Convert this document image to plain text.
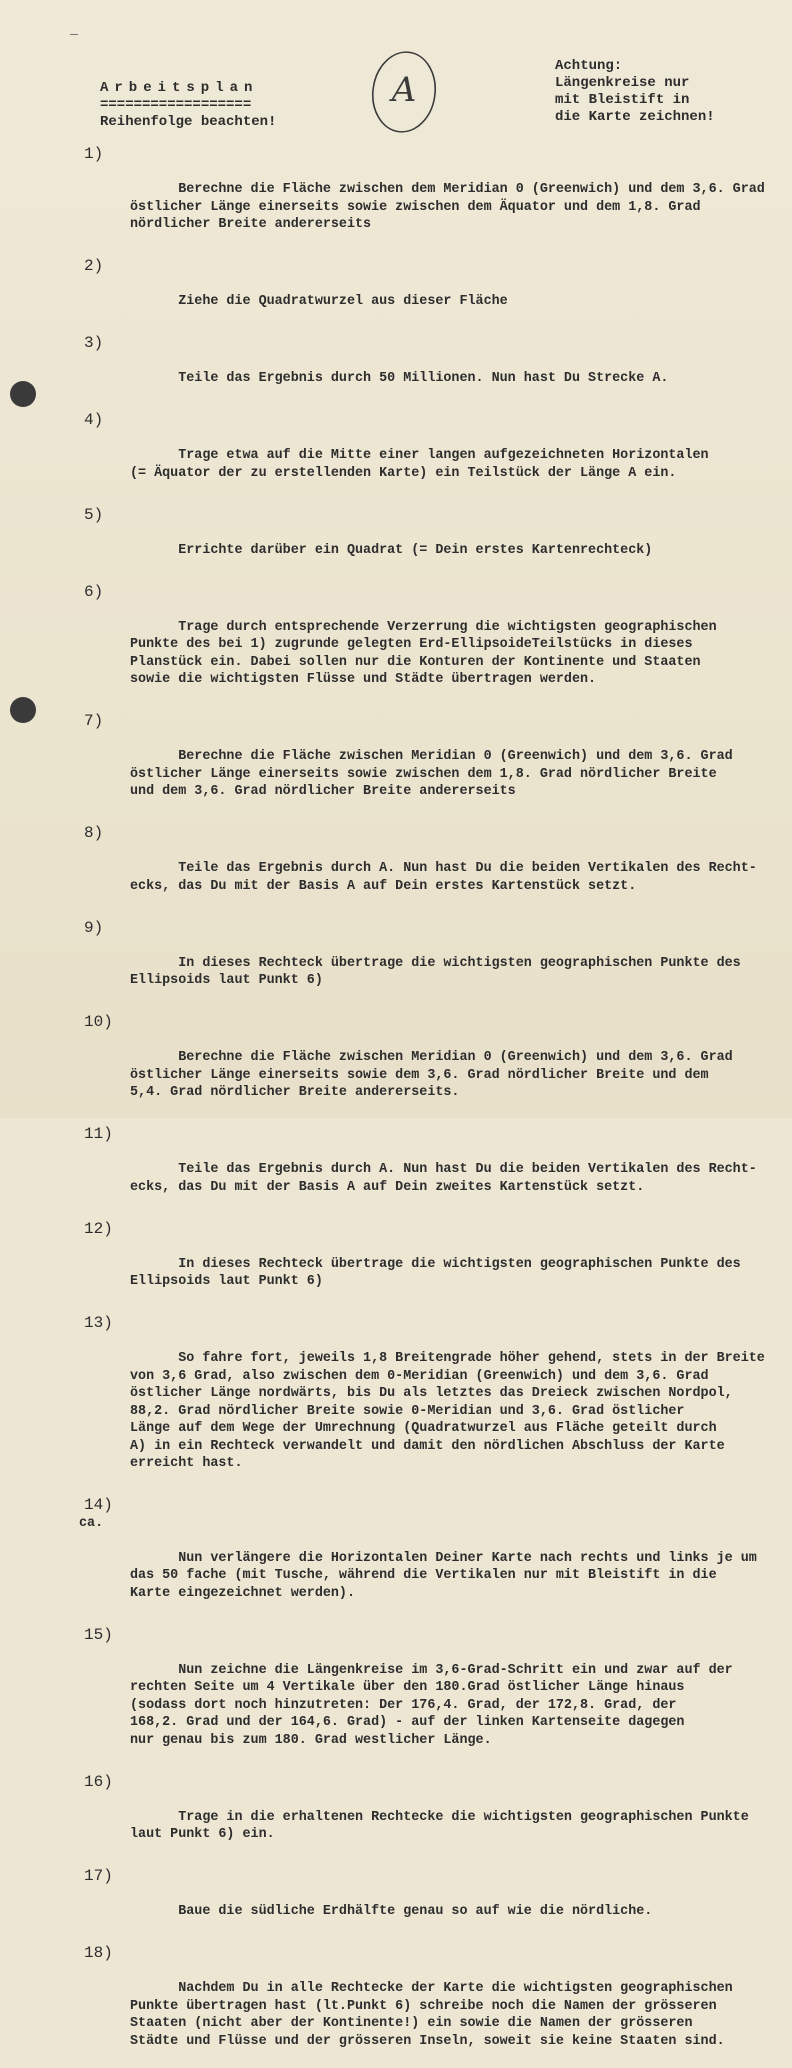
Arbeitsplan
==================
Reihenfolge beachten!
A
Achtung:
Längenkreise nur
mit Bleistift in
die Karte zeichnen!

1)

Berechne die Fläche zwischen dem Meridian 0 (Greenwich) und dem 3,6. Grad
östlicher Länge einerseits sowie zwischen dem Äquator und dem 1,8. Grad
nördlicher Breite andererseits

2)

Ziehe die Quadratwurzel aus dieser Fläche

3)

Teile das Ergebnis durch 50 Millionen. Nun hast Du Strecke A.

4)

Trage etwa auf die Mitte einer langen aufgezeichneten Horizontalen
(= Äquator der zu erstellenden Karte) ein Teilstück der Länge A ein.

5)

Errichte darüber ein Quadrat (= Dein erstes Kartenrechteck)

6)

Trage durch entsprechende Verzerrung die wichtigsten geographischen
Punkte des bei 1) zugrunde gelegten Erd-EllipsoideTeilstücks in dieses
Planstück ein. Dabei sollen nur die Konturen der Kontinente und Staaten
sowie die wichtigsten Flüsse und Städte übertragen werden.

7)

Berechne die Fläche zwischen Meridian 0 (Greenwich) und dem 3,6. Grad
östlicher Länge einerseits sowie zwischen dem 1,8. Grad nördlicher Breite
und dem 3,6. Grad nördlicher Breite andererseits

8)

Teile das Ergebnis durch A. Nun hast Du die beiden Vertikalen des Recht-
ecks, das Du mit der Basis A auf Dein erstes Kartenstück setzt.

9)

In dieses Rechteck übertrage die wichtigsten geographischen Punkte des
Ellipsoids laut Punkt 6)

10)

Berechne die Fläche zwischen Meridian 0 (Greenwich) und dem 3,6. Grad
östlicher Länge einerseits sowie dem 3,6. Grad nördlicher Breite und dem
5,4. Grad nördlicher Breite andererseits.

11)

Teile das Ergebnis durch A. Nun hast Du die beiden Vertikalen des Recht-
ecks, das Du mit der Basis A auf Dein zweites Kartenstück setzt.

12)

In dieses Rechteck übertrage die wichtigsten geographischen Punkte des
Ellipsoids laut Punkt 6)

13)

So fahre fort, jeweils 1,8 Breitengrade höher gehend, stets in der Breite
von 3,6 Grad, also zwischen dem 0-Meridian (Greenwich) und dem 3,6. Grad
östlicher Länge nordwärts, bis Du als letztes das Dreieck zwischen Nordpol,
88,2. Grad nördlicher Breite sowie 0-Meridian und 3,6. Grad östlicher
Länge auf dem Wege der Umrechnung (Quadratwurzel aus Fläche geteilt durch
A) in ein Rechteck verwandelt und damit den nördlichen Abschluss der Karte
erreicht hast.

14)

ca.

Nun verlängere die Horizontalen Deiner Karte nach rechts und links je um
das 50 fache (mit Tusche, während die Vertikalen nur mit Bleistift in die
Karte eingezeichnet werden).

15)

Nun zeichne die Längenkreise im 3,6-Grad-Schritt ein und zwar auf der
rechten Seite um 4 Vertikale über den 180.Grad östlicher Länge hinaus
(sodass dort noch hinzutreten: Der 176,4. Grad, der 172,8. Grad, der
168,2. Grad und der 164,6. Grad) - auf der linken Kartenseite dagegen
nur genau bis zum 180. Grad westlicher Länge.

16)

Trage in die erhaltenen Rechtecke die wichtigsten geographischen Punkte
laut Punkt 6) ein.

17)

Baue die südliche Erdhälfte genau so auf wie die nördliche.

18)

Nachdem Du in alle Rechtecke der Karte die wichtigsten geographischen
Punkte übertragen hast (lt.Punkt 6) schreibe noch die Namen der grösseren
Staaten (nicht aber der Kontinente!) ein sowie die Namen der grösseren
Städte und Flüsse und der grösseren Inseln, soweit sie keine Staaten sind.
